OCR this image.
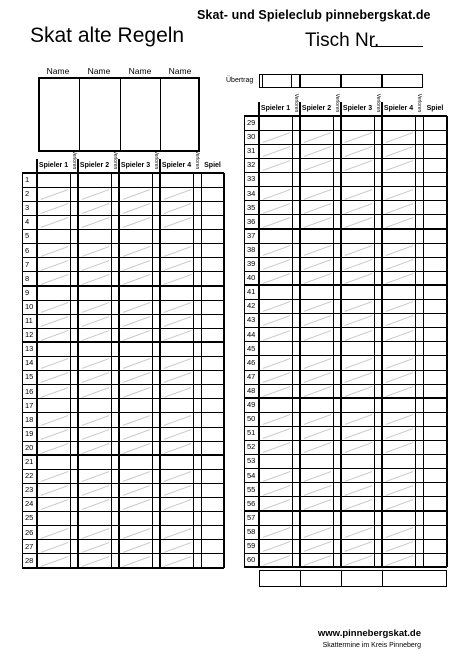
Skat alte Regeln
Skat- und Spieleclub pinnebergskat.de
Tisch Nr.
Name	Name	Name	Name
Übertrag
Spieler 1 Verloren Spieler 2 Verloren Spieler 3 Verloren Spieler 4 Verloren Spiel
1
2
3
4
5
6
7
8
9
10
11
12
13
14
15
16
17
18
19
20
21
22
23
24
25
26
27
28
Spieler 1 Verloren Spieler 2 Verloren Spieler 3 Verloren Spieler 4 Verloren Spiel
29
30
31
32
33
34
35
36
37
38
39
40
41
42
43
44
45
46
47
48
49
50
51
52
53
54
55
56
57
58
59
60
www.pinnebergskat.de
Skattermine im Kreis Pinneberg
